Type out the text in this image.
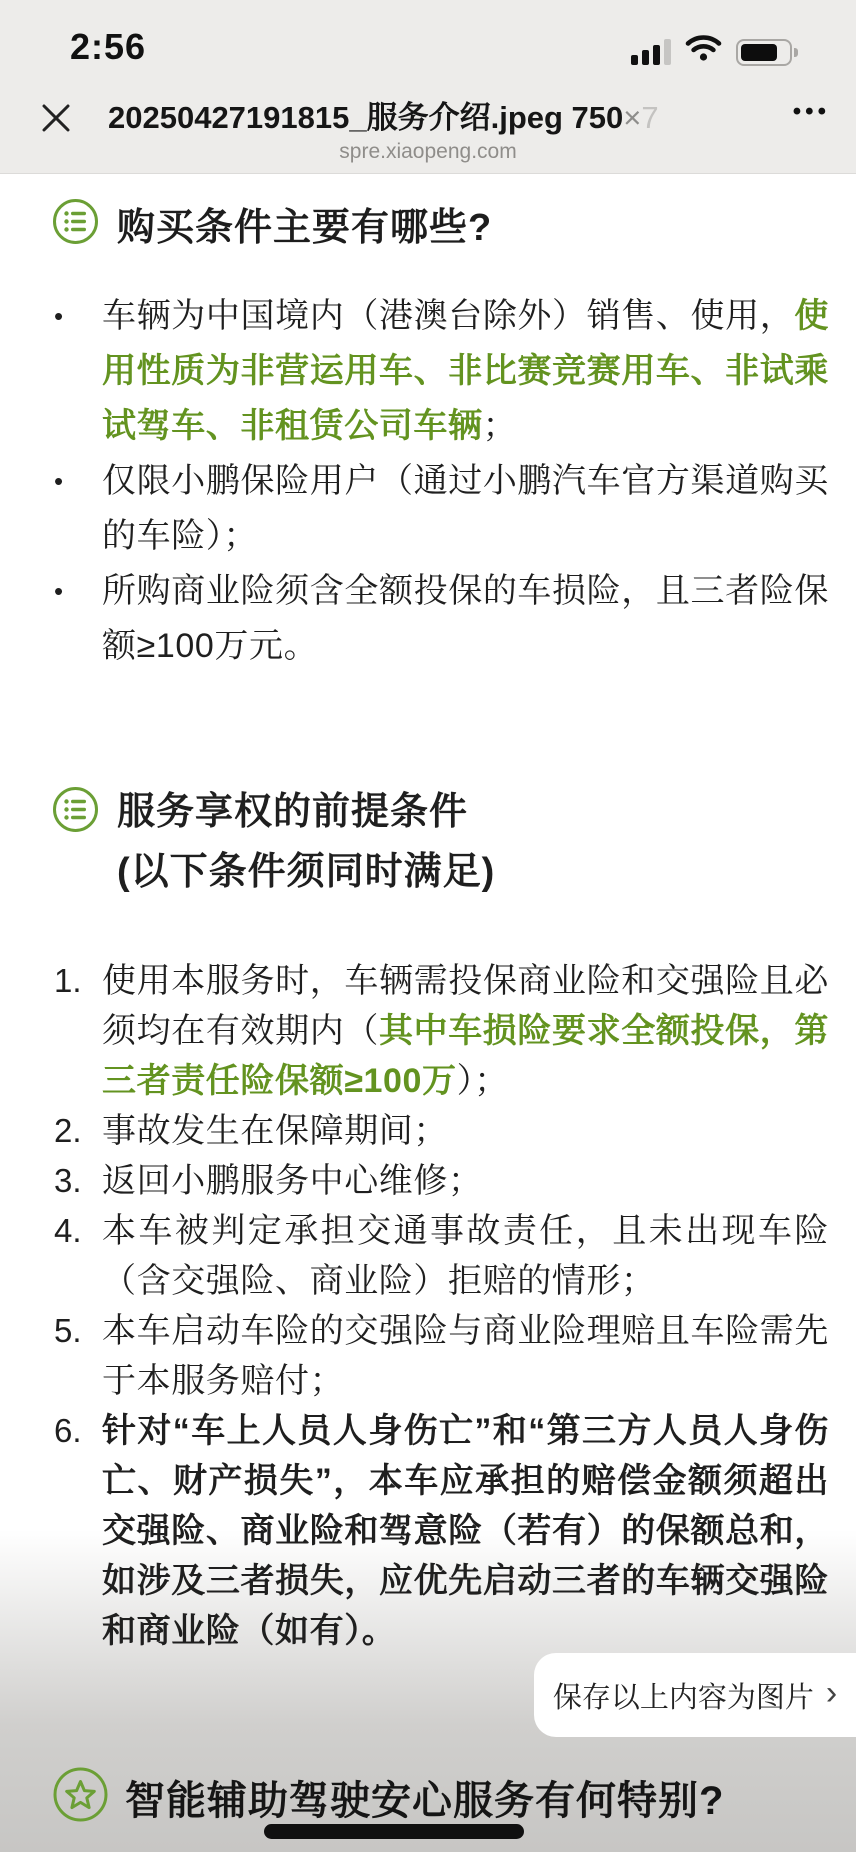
2:56
20250427191815_服务介绍.jpeg 750×7	•••
spre.xiaopeng.com
购买条件主要有哪些?
•	车辆为中国境内（港澳台除外）销售、使用，使用性质为非营运用车、非比赛竞赛用车、非试乘试驾车、非租赁公司车辆；
•	仅限小鹏保险用户（通过小鹏汽车官方渠道购买的车险）；
•	所购商业险须含全额投保的车损险，且三者险保额≥100万元。
服务享权的前提条件
(以下条件须同时满足)
1. 使用本服务时，车辆需投保商业险和交强险且必须均在有效期内（其中车损险要求全额投保，第三者责任险保额≥100万）；
2. 事故发生在保障期间；
3. 返回小鹏服务中心维修；
4. 本车被判定承担交通事故责任，且未出现车险（含交强险、商业险）拒赔的情形；
5. 本车启动车险的交强险与商业险理赔且车险需先于本服务赔付；
6. 针对“车上人员人身伤亡”和“第三方人员人身伤亡、财产损失”，本车应承担的赔偿金额须超出交强险、商业险和驾意险（若有）的保额总和，如涉及三者损失，应优先启动三者的车辆交强险和商业险（如有）。
保存以上内容为图片 ›
智能辅助驾驶安心服务有何特别?
